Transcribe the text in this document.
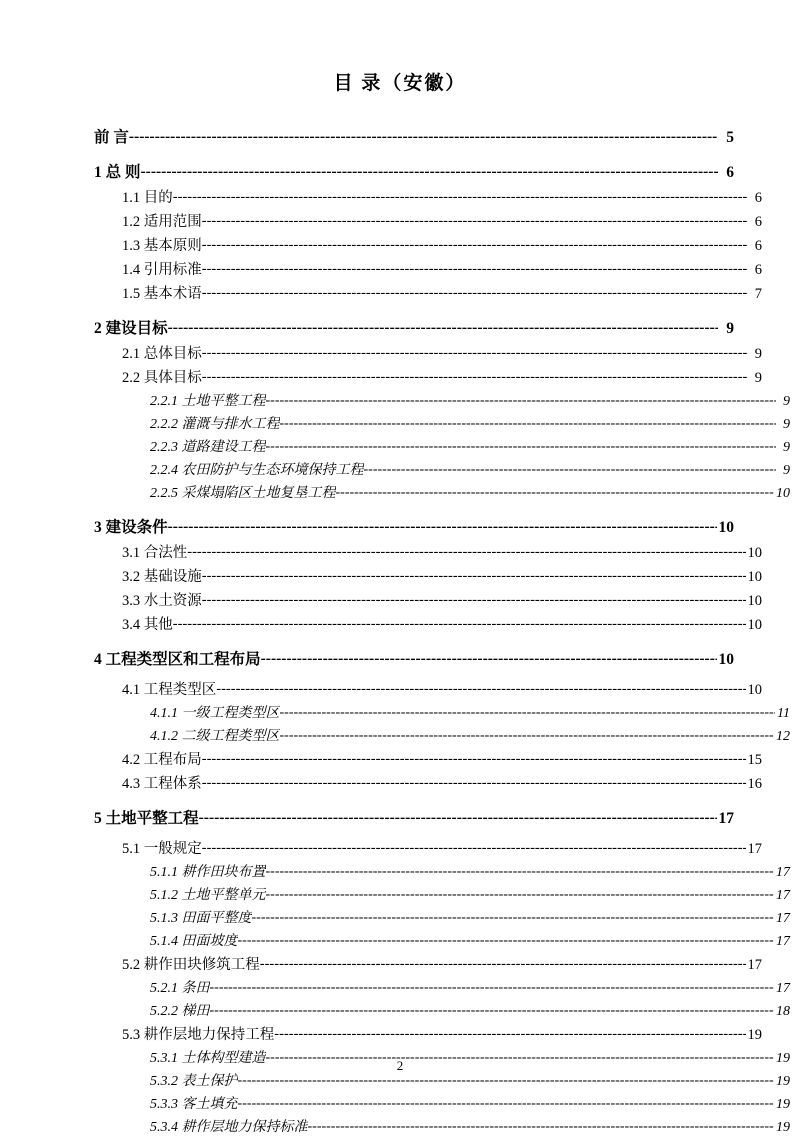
目 录（安徽）
前 言 -----	5
1 总 则 -----	6
1.1 目的 -----	6
1.2 适用范围 -----	6
1.3 基本原则 -----	6
1.4 引用标准 -----	6
1.5 基本术语 -----	7
2 建设目标 -----	9
2.1 总体目标 -----	9
2.2 具体目标 -----	9
2.2.1 土地平整工程 -----	9
2.2.2 灌溉与排水工程 -----	9
2.2.3 道路建设工程 -----	9
2.2.4 农田防护与生态环境保持工程 -----	9
2.2.5 采煤塌陷区土地复垦工程 -----	10
3 建设条件 -----	10
3.1 合法性 -----	10
3.2 基础设施 -----	10
3.3 水土资源 -----	10
3.4 其他 -----	10
4 工程类型区和工程布局 -----	10
4.1 工程类型区 -----	10
4.1.1 一级工程类型区 -----	11
4.1.2 二级工程类型区 -----	12
4.2 工程布局 -----	15
4.3 工程体系 -----	16
5 土地平整工程 -----	17
5.1 一般规定 -----	17
5.1.1 耕作田块布置 -----	17
5.1.2 土地平整单元 -----	17
5.1.3 田面平整度 -----	17
5.1.4 田面坡度 -----	17
5.2 耕作田块修筑工程 -----	17
5.2.1 条田 -----	17
5.2.2 梯田 -----	18
5.3 耕作层地力保持工程 -----	19
5.3.1 土体构型建造 -----	19
5.3.2 表土保护 -----	19
5.3.3 客土填充 -----	19
5.3.4 耕作层地力保持标准 -----	19
2
